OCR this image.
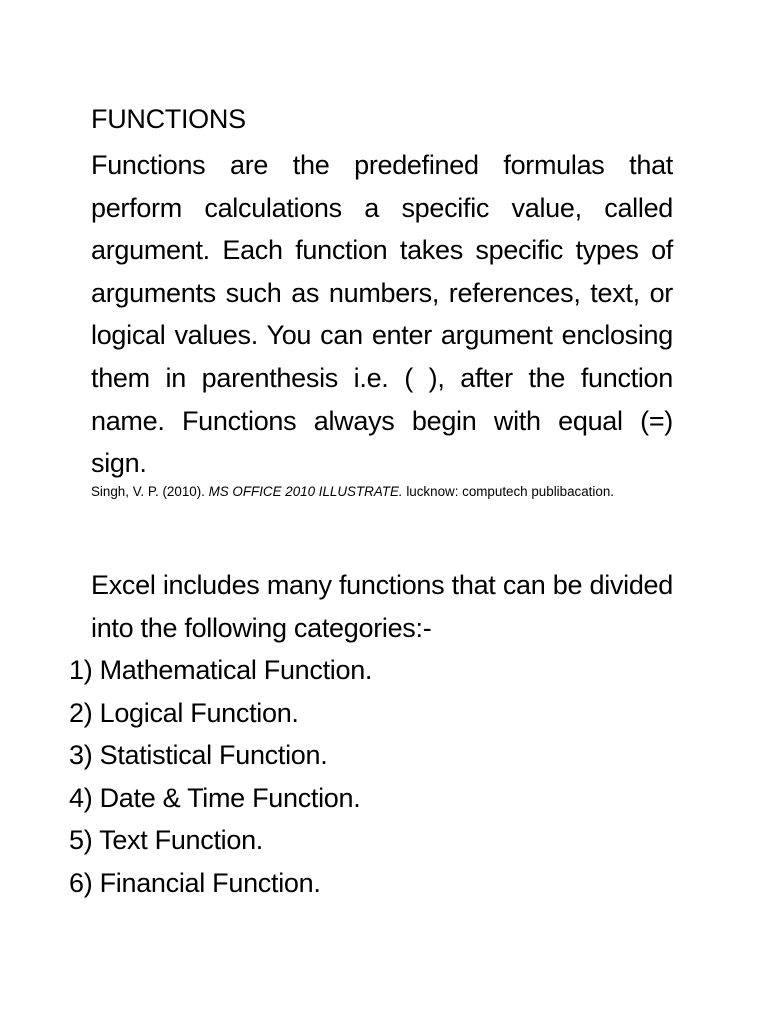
FUNCTIONS

Functions are the predefined formulas that perform calculations a specific value, called argument. Each function takes specific types of arguments such as numbers, references, text, or logical values. You can enter argument enclosing them in parenthesis i.e. ( ), after the function name. Functions always begin with equal (=) sign.

Singh, V. P. (2010). MS OFFICE 2010 ILLUSTRATE. lucknow: computech publibacation.

Excel includes many functions that can be divided into the following categories:-

1) Mathematical Function.
2) Logical Function.
3) Statistical Function.
4) Date & Time Function.
5) Text Function.
6) Financial Function.
